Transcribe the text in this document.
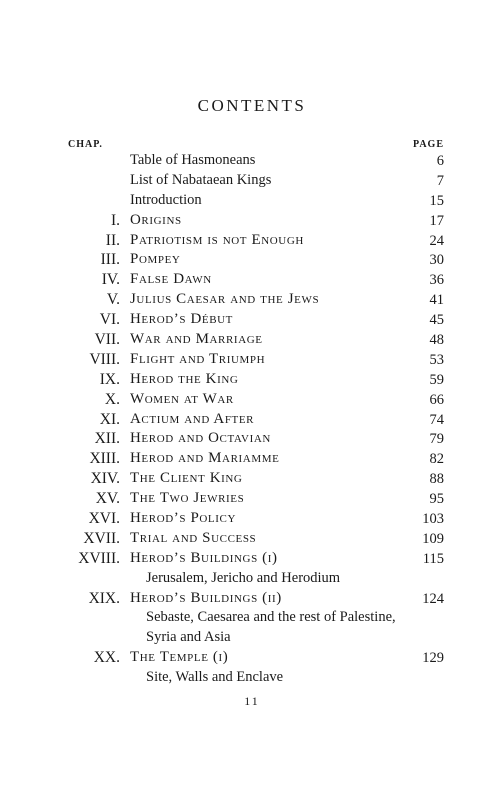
CONTENTS
CHAP.	PAGE
Table of Hasmoneans	6
List of Nabataean Kings	7
Introduction	15
I. Origins	17
II. Patriotism is not Enough	24
III. Pompey	30
IV. False Dawn	36
V. Julius Caesar and the Jews	41
VI. Herod’s Début	45
VII. War and Marriage	48
VIII. Flight and Triumph	53
IX. Herod the King	59
X. Women at War	66
XI. Actium and After	74
XII. Herod and Octavian	79
XIII. Herod and Mariamme	82
XIV. The Client King	88
XV. The Two Jewries	95
XVI. Herod’s Policy	103
XVII. Trial and Success	109
XVIII. Herod’s Buildings (i)	115
Jerusalem, Jericho and Herodium
XIX. Herod’s Buildings (ii)	124
Sebaste, Caesarea and the rest of Palestine,
Syria and Asia
XX. The Temple (i)	129
Site, Walls and Enclave
11
